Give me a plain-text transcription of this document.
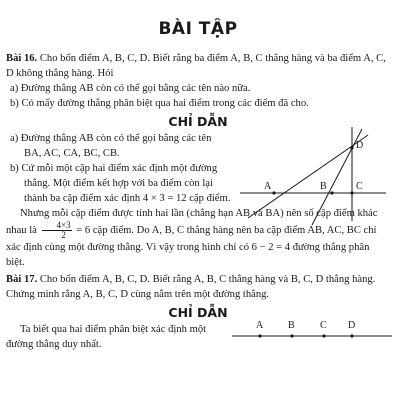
BÀI TẬP

Bài 16. Cho bốn điểm A, B, C, D. Biết rằng ba điểm A, B, C thẳng hàng và ba điểm A, C, D không thẳng hàng. Hỏi

a) Đường thẳng AB còn có thể gọi bằng các tên nào nữa.

b) Có mấy đường thẳng phân biệt qua hai điểm trong các điểm đã cho.

CHỈ DẪN

a) Đường thẳng AB còn có thể gọi bằng các tên BA, AC, CA, BC, CB.

b) Cứ mỗi một cặp hai điểm xác định một đường thẳng. Một điểm kết hợp với ba điểm còn lại thành ba cặp điểm xác định 4 × 3 = 12 cặp điểm.

A	B	C
D

Nhưng mỗi cặp điểm được tính hai lần (chẳng hạn AB và BA) nên số cặp điểm khác nhau là $\frac{4\times 3}{2} = 6$ cặp điểm. Do A, B, C thẳng hàng nên ba cặp điểm AB, AC, BC chỉ xác định cùng một đường thẳng. Vì vậy trong hình chỉ có 6 − 2 = 4 đường thẳng phân biệt.

Bài 17. Cho bốn điểm A, B, C, D. Biết rằng A, B, C thẳng hàng và B, C, D thẳng hàng. Chứng minh rằng A, B, C, D cùng nằm trên một đường thẳng.

CHỈ DẪN

Ta biết qua hai điểm phân biệt xác định một đường thẳng duy nhất.

A B	C D
